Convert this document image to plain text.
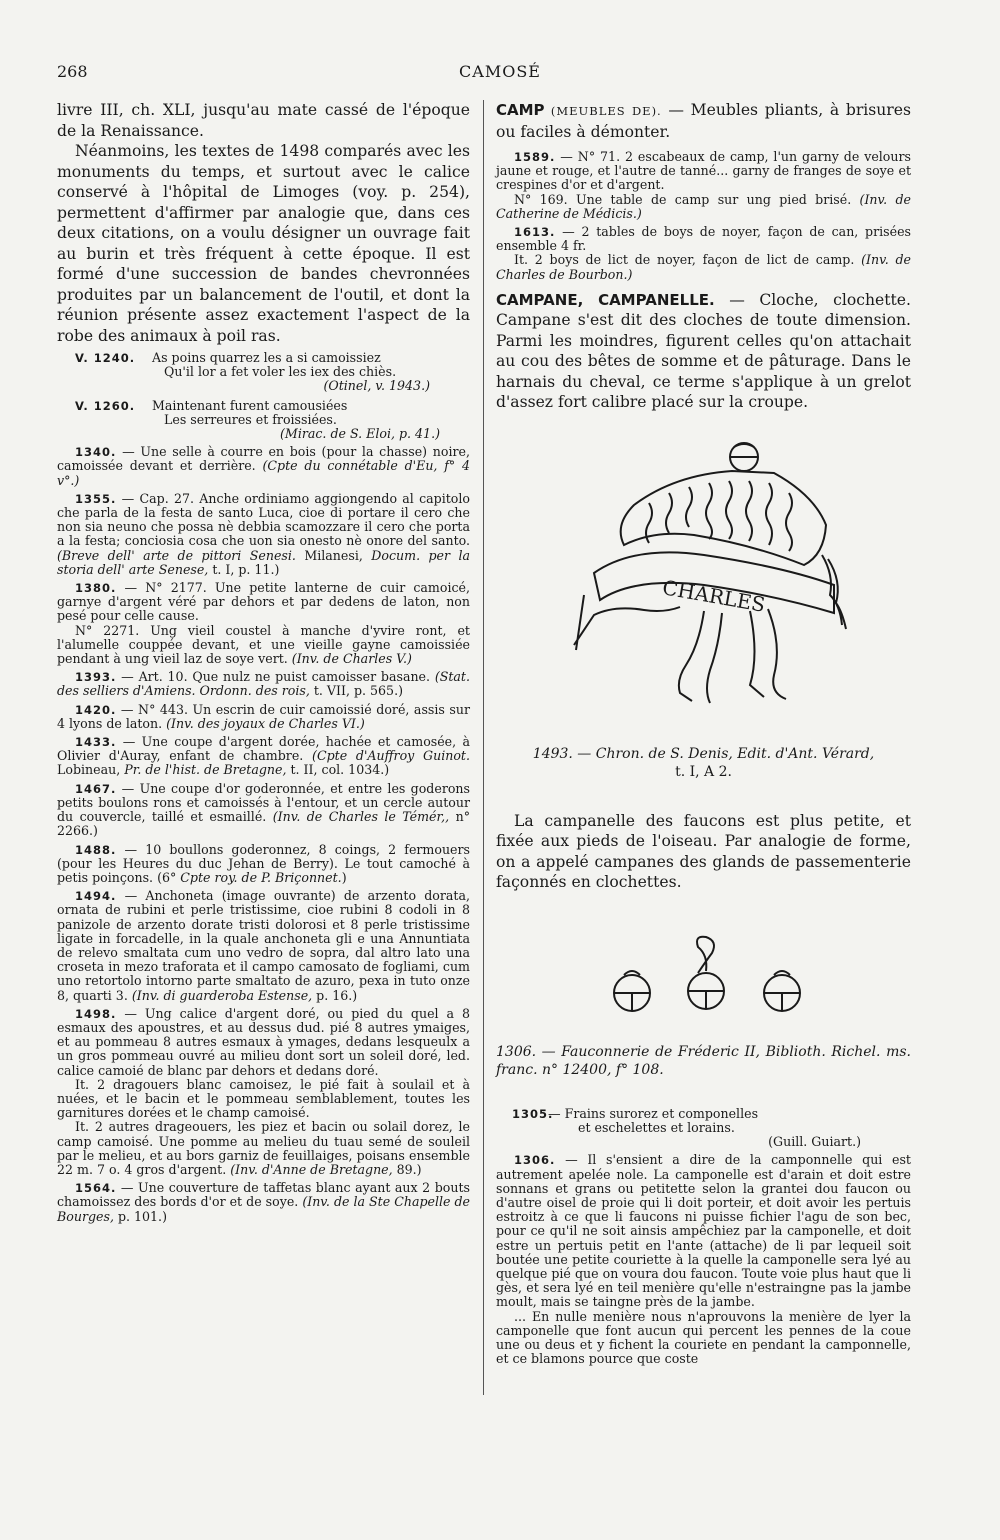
268	CAMOSÉ

livre III, ch. XLI, jusqu'au mate cassé de l'époque de la Renaissance.

Néanmoins, les textes de 1498 comparés avec les monuments du temps, et surtout avec le calice conservé à l'hôpital de Limoges (voy. p. 254), permettent d'affirmer par analogie que, dans ces deux citations, on a voulu désigner un ouvrage fait au burin et très fréquent à cette époque. Il est formé d'une succession de bandes chevronnées produites par un balancement de l'outil, et dont la réunion présente assez exactement l'aspect de la robe des animaux à poil ras.

V. 1240.	As poins quarrez les a si camoissiez
Qu'il lor a fet voler les iex des chiès.
(Otinel, v. 1943.)
V. 1260.	Maintenant furent camousiées
Les serreures et froissiées.
(Mirac. de S. Eloi, p. 41.)

1340. — Une selle à courre en bois (pour la chasse) noire, camoissée devant et derrière. (Cpte du connétable d'Eu, f° 4 v°.)

1355. — Cap. 27. Anche ordiniamo aggiongendo al capitolo che parla de la festa de santo Luca, cioe di portare il cero che non sia neuno che possa nè debbia scamozzare il cero che porta a la festa; conciosia cosa che uon sia onesto nè onore del santo. (Breve dell' arte de pittori Senesi. Milanesi, Docum. per la storia dell' arte Senese, t. I, p. 11.)

1380. — N° 2177. Une petite lanterne de cuir camoicé, garnye d'argent véré par dehors et par dedens de laton, non pesé pour celle cause.

N° 2271. Ung vieil coustel à manche d'yvire ront, et l'alumelle couppée devant, et une vieille gayne camoissiée pendant à ung vieil laz de soye vert. (Inv. de Charles V.)

1393. — Art. 10. Que nulz ne puist camoisser basane. (Stat. des selliers d'Amiens. Ordonn. des rois, t. VII, p. 565.)

1420. — N° 443. Un escrin de cuir camoissié doré, assis sur 4 lyons de laton. (Inv. des joyaux de Charles VI.)

1433. — Une coupe d'argent dorée, hachée et camosée, à Olivier d'Auray, enfant de chambre. (Cpte d'Auffroy Guinot. Lobineau, Pr. de l'hist. de Bretagne, t. II, col. 1034.)

1467. — Une coupe d'or goderonnée, et entre les goderons petits boulons rons et camoissés à l'entour, et un cercle autour du couvercle, taillé et esmaillé. (Inv. de Charles le Témér,, n° 2266.)

1488. — 10 boullons goderonnez, 8 coings, 2 fermouers (pour les Heures du duc Jehan de Berry). Le tout camoché à petis poinçons. (6° Cpte roy. de P. Briçonnet.)

1494. — Anchoneta (image ouvrante) de arzento dorata, ornata de rubini et perle tristissime, cioe rubini 8 codoli in 8 panizole de arzento dorate tristi dolorosi et 8 perle tristissime ligate in forcadelle, in la quale anchoneta gli e una Annuntiata de relevo smaltata cum uno vedro de sopra, dal altro lato una croseta in mezo traforata et il campo camosato de fogliami, cum uno retortolo intorno parte smaltato de azuro, pexa in tuto onze 8, quarti 3. (Inv. di guarderoba Estense, p. 16.)

1498. — Ung calice d'argent doré, ou pied du quel a 8 esmaux des apoustres, et au dessus dud. pié 8 autres ymaiges, et au pommeau 8 autres esmaux à ymages, dedans lesqueulx a un gros pommeau ouvré au milieu dont sort un soleil doré, led. calice camoié de blanc par dehors et dedans doré.

It. 2 dragouers blanc camoisez, le pié fait à soulail et à nuées, et le bacin et le pommeau semblablement, toutes les garnitures dorées et le champ camoisé.

It. 2 autres drageouers, les piez et bacin ou solail dorez, le camp camoisé. Une pomme au melieu du tuau semé de souleil par le melieu, et au bors garniz de feuillaiges, poisans ensemble 22 m. 7 o. 4 gros d'argent. (Inv. d'Anne de Bretagne, 89.)

1564. — Une couverture de taffetas blanc ayant aux 2 bouts chamoissez des bords d'or et de soye. (Inv. de la Ste Chapelle de Bourges, p. 101.)

CAMP (MEUBLES DE). — Meubles pliants, à brisures ou faciles à démonter.

1589. — N° 71. 2 escabeaux de camp, l'un garny de velours jaune et rouge, et l'autre de tanné... garny de franges de soye et crespines d'or et d'argent.

N° 169. Une table de camp sur ung pied brisé. (Inv. de Catherine de Médicis.)

1613. — 2 tables de boys de noyer, façon de can, prisées ensemble 4 fr.

It. 2 boys de lict de noyer, façon de lict de camp. (Inv. de Charles de Bourbon.)

CAMPANE, CAMPANELLE. — Cloche, clochette. Campane s'est dit des cloches de toute dimension. Parmi les moindres, figurent celles qu'on attachait au cou des bêtes de somme et de pâturage. Dans le harnais du cheval, ce terme s'applique à un grelot d'assez fort calibre placé sur la croupe.

CHARLES

1493. — Chron. de S. Denis, Edit. d'Ant. Vérard,

t. I, A 2.

La campanelle des faucons est plus petite, et fixée aux pieds de l'oiseau. Par analogie de forme, on a appelé campanes des glands de passementerie façonnés en clochettes.

1306. — Fauconnerie de Fréderic II, Biblioth. Richel. ms. franc. n° 12400, f° 108.

1305.
— Frains surorez et componelles
et eschelettes et lorains.
(Guill. Guiart.)

1306. — Il s'ensient a dire de la camponnelle qui est autrement apelée nole. La camponelle est d'arain et doit estre sonnans et grans ou petitette selon la grantei dou faucon ou d'autre oisel de proie qui li doit porteir, et doit avoir les pertuis estroitz à ce que li faucons ni puisse fichier l'agu de son bec, pour ce qu'il ne soit ainsis ampêchiez par la camponelle, et doit estre un pertuis petit en l'ante (attache) de li par lequeil soit boutée une petite couriette à la quelle la camponelle sera lyé au quelque pié que on voura dou faucon. Toute voie plus haut que li gès, et sera lyé en teil menière qu'elle n'estraingne pas la jambe moult, mais se taingne près de la jambe.

... En nulle menière nous n'aprouvons la menière de lyer la camponelle que font aucun qui percent les pennes de la coue une ou deus et y fichent la couriete en pendant la camponnelle, et ce blamons pource que coste
